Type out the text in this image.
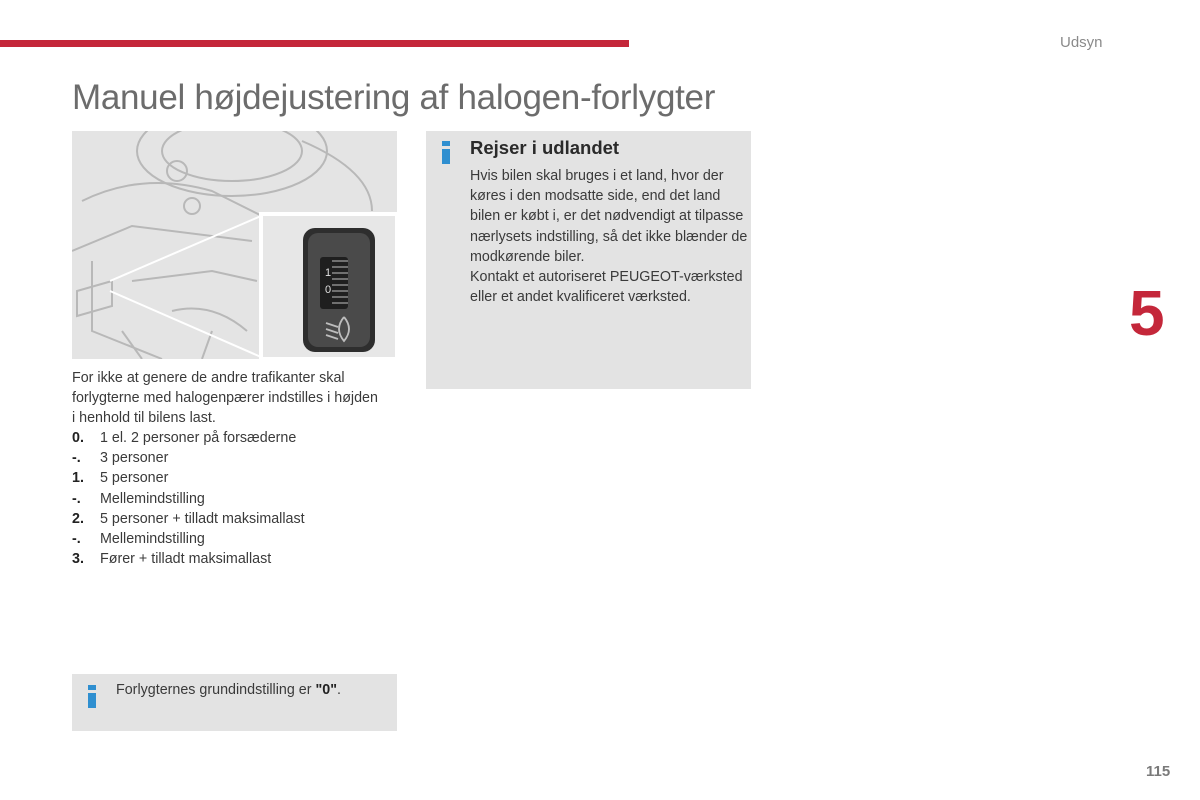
Udsyn
Manuel højdejustering af halogen-forlygter
5
115
1
0

For ikke at genere de andre trafikanter skal forlygterne med halogenpærer indstilles i højden i henhold til bilens last.

0.	1 el. 2 personer på forsæderne
-.	3 personer
1.	5 personer
-.	Mellemindstilling
2.	5 personer + tilladt maksimallast
-.	Mellemindstilling
3.	Fører + tilladt maksimallast
Rejser i udlandet

Hvis bilen skal bruges i et land, hvor der køres i den modsatte side, end det land bilen er købt i, er det nødvendigt at tilpasse nærlysets indstilling, så det ikke blænder de modkørende biler.
Kontakt et autoriseret PEUGEOT-værksted eller et andet kvalificeret værksted.

Forlygternes grundindstilling er "0".
